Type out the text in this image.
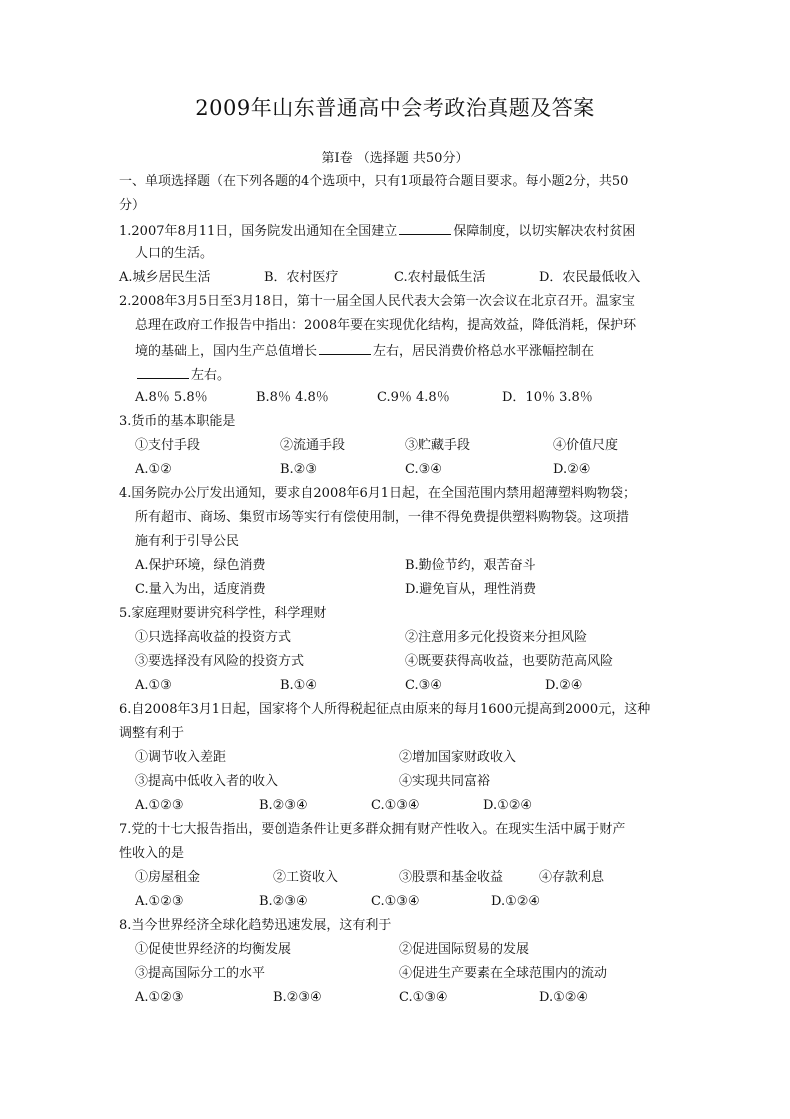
2009年山东普通高中会考政治真题及答案
第Ⅰ卷 （选择题 共50分）
一、单项选择题（在下列各题的4个选项中，只有1项最符合题目要求。每小题2分，共50
分）
1.2007年8月11日，国务院发出通知在全国建立	保障制度，以切实解决农村贫困
人口的生活。
A.城乡居民生活	B．农村医疗	C.农村最低生活	D．农民最低收入
2.2008年3月5日至3月18日，第十一届全国人民代表大会第一次会议在北京召开。温家宝
总理在政府工作报告中指出：2008年要在实现优化结构，提高效益，降低消耗，保护环
境的基础上，国内生产总值增长	左右，居民消费价格总水平涨幅控制在
左右。
A.8％ 5.8％	B.8％ 4.8％	C.9％ 4.8％	D．10％ 3.8％
3.货币的基本职能是
①支付手段	②流通手段	③贮藏手段	④价值尺度
A.①②	B.②③	C.③④	D.②④
4.国务院办公厅发出通知，要求自2008年6月1日起，在全国范围内禁用超薄塑料购物袋；
所有超市、商场、集贸市场等实行有偿使用制，一律不得免费提供塑料购物袋。这项措
施有利于引导公民
A.保护环境，绿色消费	B.勤俭节约，艰苦奋斗
C.量入为出，适度消费	D.避免盲从，理性消费
5.家庭理财要讲究科学性，科学理财
①只选择高收益的投资方式	②注意用多元化投资来分担风险
③要选择没有风险的投资方式	④既要获得高收益，也要防范高风险
A.①③	B.①④	C.③④	D.②④
6.自2008年3月1日起，国家将个人所得税起征点由原来的每月1600元提高到2000元，这种
调整有利于
①调节收入差距	②增加国家财政收入
③提高中低收入者的收入	④实现共同富裕
A.①②③	B.②③④	C.①③④	D.①②④
7.党的十七大报告指出，要创造条件让更多群众拥有财产性收入。在现实生活中属于财产
性收入的是
①房屋租金	②工资收入	③股票和基金收益	④存款利息
A.①②③	B.②③④	C.①③④	D.①②④
8.当今世界经济全球化趋势迅速发展，这有利于
①促使世界经济的均衡发展	②促进国际贸易的发展
③提高国际分工的水平	④促进生产要素在全球范围内的流动
A.①②③	B.②③④	C.①③④	D.①②④
